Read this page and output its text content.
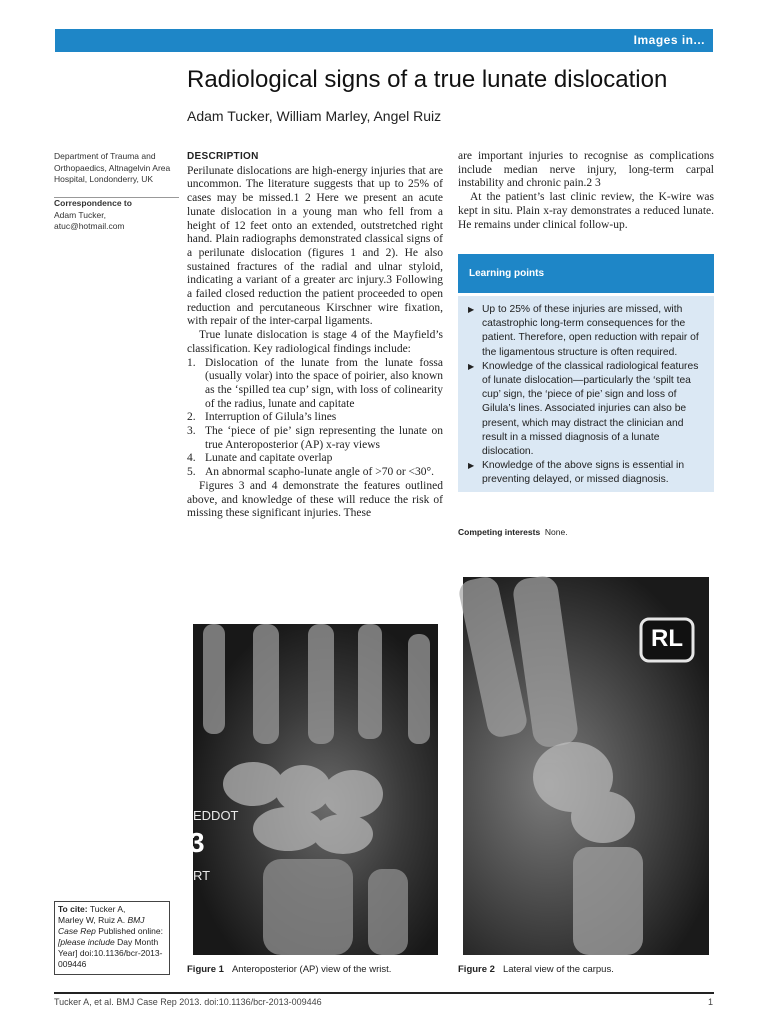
Images in...
Radiological signs of a true lunate dislocation
Adam Tucker, William Marley, Angel Ruiz
Department of Trauma and Orthopaedics, Altnagelvin Area Hospital, Londonderry, UK
Correspondence to
Adam Tucker,
atuc@hotmail.com
DESCRIPTION

Perilunate dislocations are high-energy injuries that are uncommon. The literature suggests that up to 25% of cases may be missed.1 2 Here we present an acute lunate dislocation in a young man who fell from a height of 12 feet onto an extended, outstretched right hand. Plain radiographs demonstrated classical signs of a perilunate dislocation (figures 1 and 2). He also sustained fractures of the radial and ulnar styloid, indicating a variant of a greater arc injury.3 Following a failed closed reduction the patient proceeded to open reduction and percutaneous Kirschner wire fixation, with repair of the inter-carpal ligaments.

True lunate dislocation is stage 4 of the Mayfield’s classification. Key radiological findings include:

1. Dislocation of the lunate from the lunate fossa (usually volar) into the space of poirier, also known as the ‘spilled tea cup’ sign, with loss of colinearity of the radius, lunate and capitate
2. Interruption of Gilula’s lines
3. The ‘piece of pie’ sign representing the lunate on true Anteroposterior (AP) x-ray views
4. Lunate and capitate overlap
5. An abnormal scapho-lunate angle of >70 or <30°.

Figures 3 and 4 demonstrate the features outlined above, and knowledge of these will reduce the risk of missing these significant injuries. These

are important injuries to recognise as complications include median nerve injury, long-term carpal instability and chronic pain.2 3

At the patient’s last clinic review, the K-wire was kept in situ. Plain x-ray demonstrates a reduced lunate. He remains under clinical follow-up.

Learning points
▶ Up to 25% of these injuries are missed, with catastrophic long-term consequences for the patient. Therefore, open reduction with repair of the ligamentous structure is often required.
▶ Knowledge of the classical radiological features of lunate dislocation—particularly the ‘spilt tea cup’ sign, the ‘piece of pie’ sign and loss of Gilula’s lines. Associated injuries can also be present, which may distract the clinician and result in a missed diagnosis of a lunate dislocation.
▶ Knowledge of the above signs is essential in preventing delayed, or missed diagnosis.
Competing interests None.
EDDOT
RT
3
Figure 1 Anteroposterior (AP) view of the wrist.
RL
Figure 2 Lateral view of the carpus.
To cite: Tucker A,
Marley W, Ruiz A. BMJ Case Rep Published online:
[please include Day Month
Year] doi:10.1136/bcr-2013-009446
Tucker A, et al. BMJ Case Rep 2013. doi:10.1136/bcr-2013-009446	1
